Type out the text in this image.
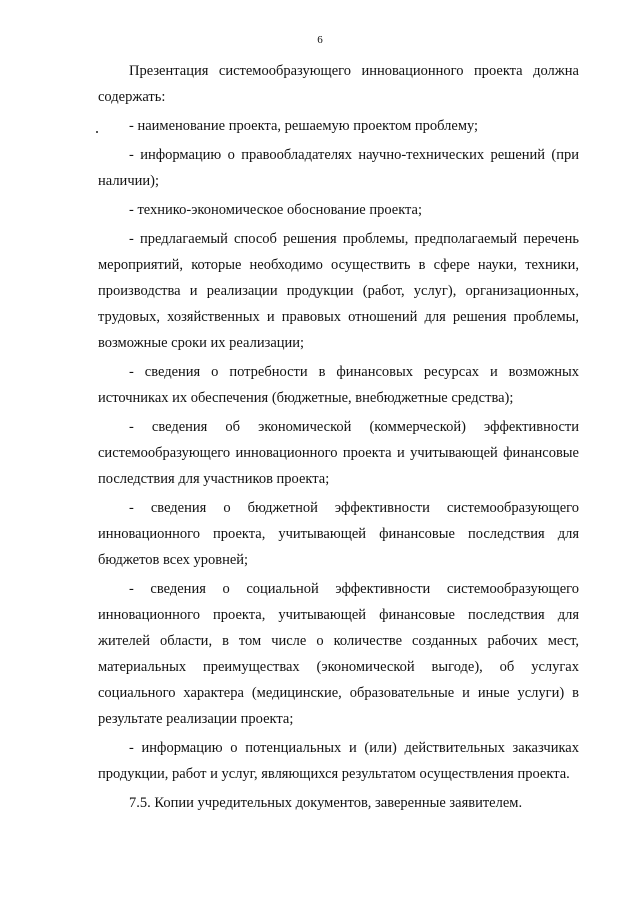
6

Презентация системообразующего инновационного проекта должна содержать:

- наименование проекта, решаемую проектом проблему;

- информацию о правообладателях научно-технических решений (при наличии);

- технико-экономическое обоснование проекта;

- предлагаемый способ решения проблемы, предполагаемый перечень мероприятий, которые необходимо осуществить в сфере науки, техники, производства и реализации продукции (работ, услуг), организационных, трудовых, хозяйственных и правовых отношений для решения проблемы, возможные сроки их реализации;

- сведения о потребности в финансовых ресурсах и возможных источниках их обеспечения (бюджетные, внебюджетные средства);

- сведения об экономической (коммерческой) эффективности системообразующего инновационного проекта и учитывающей финансовые последствия для участников проекта;

- сведения о бюджетной эффективности системообразующего инновационного проекта, учитывающей финансовые последствия для бюджетов всех уровней;

- сведения о социальной эффективности системообразующего инновационного проекта, учитывающей финансовые последствия для жителей области, в том числе о количестве созданных рабочих мест, материальных преимуществах (экономической выгоде), об услугах социального характера (медицинские, образовательные и иные услуги) в результате реализации проекта;

- информацию о потенциальных и (или) действительных заказчиках продукции, работ и услуг, являющихся результатом осуществления проекта.

7.5. Копии учредительных документов, заверенные заявителем.
